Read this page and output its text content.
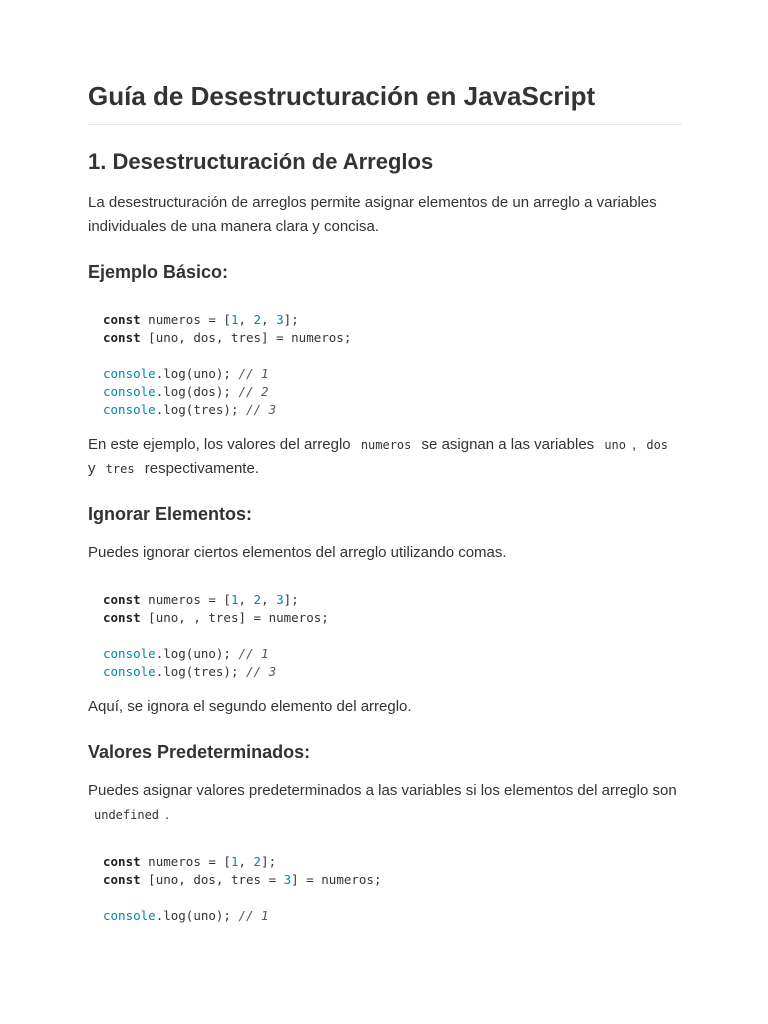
Guía de Desestructuración en JavaScript
1. Desestructuración de Arreglos

La desestructuración de arreglos permite asignar elementos de un arreglo a variables individuales de una manera clara y concisa.

Ejemplo Básico:
const numeros = [1, 2, 3];
const [uno, dos, tres] = numeros;

console.log(uno); // 1
console.log(dos); // 2
console.log(tres); // 3

En este ejemplo, los valores del arreglo numeros se asignan a las variables uno , dos y tres respectivamente.

Ignorar Elementos:

Puedes ignorar ciertos elementos del arreglo utilizando comas.

const numeros = [1, 2, 3];
const [uno, , tres] = numeros;

console.log(uno); // 1
console.log(tres); // 3

Aquí, se ignora el segundo elemento del arreglo.

Valores Predeterminados:

Puedes asignar valores predeterminados a las variables si los elementos del arreglo son undefined .

const numeros = [1, 2];
const [uno, dos, tres = 3] = numeros;

console.log(uno); // 1
